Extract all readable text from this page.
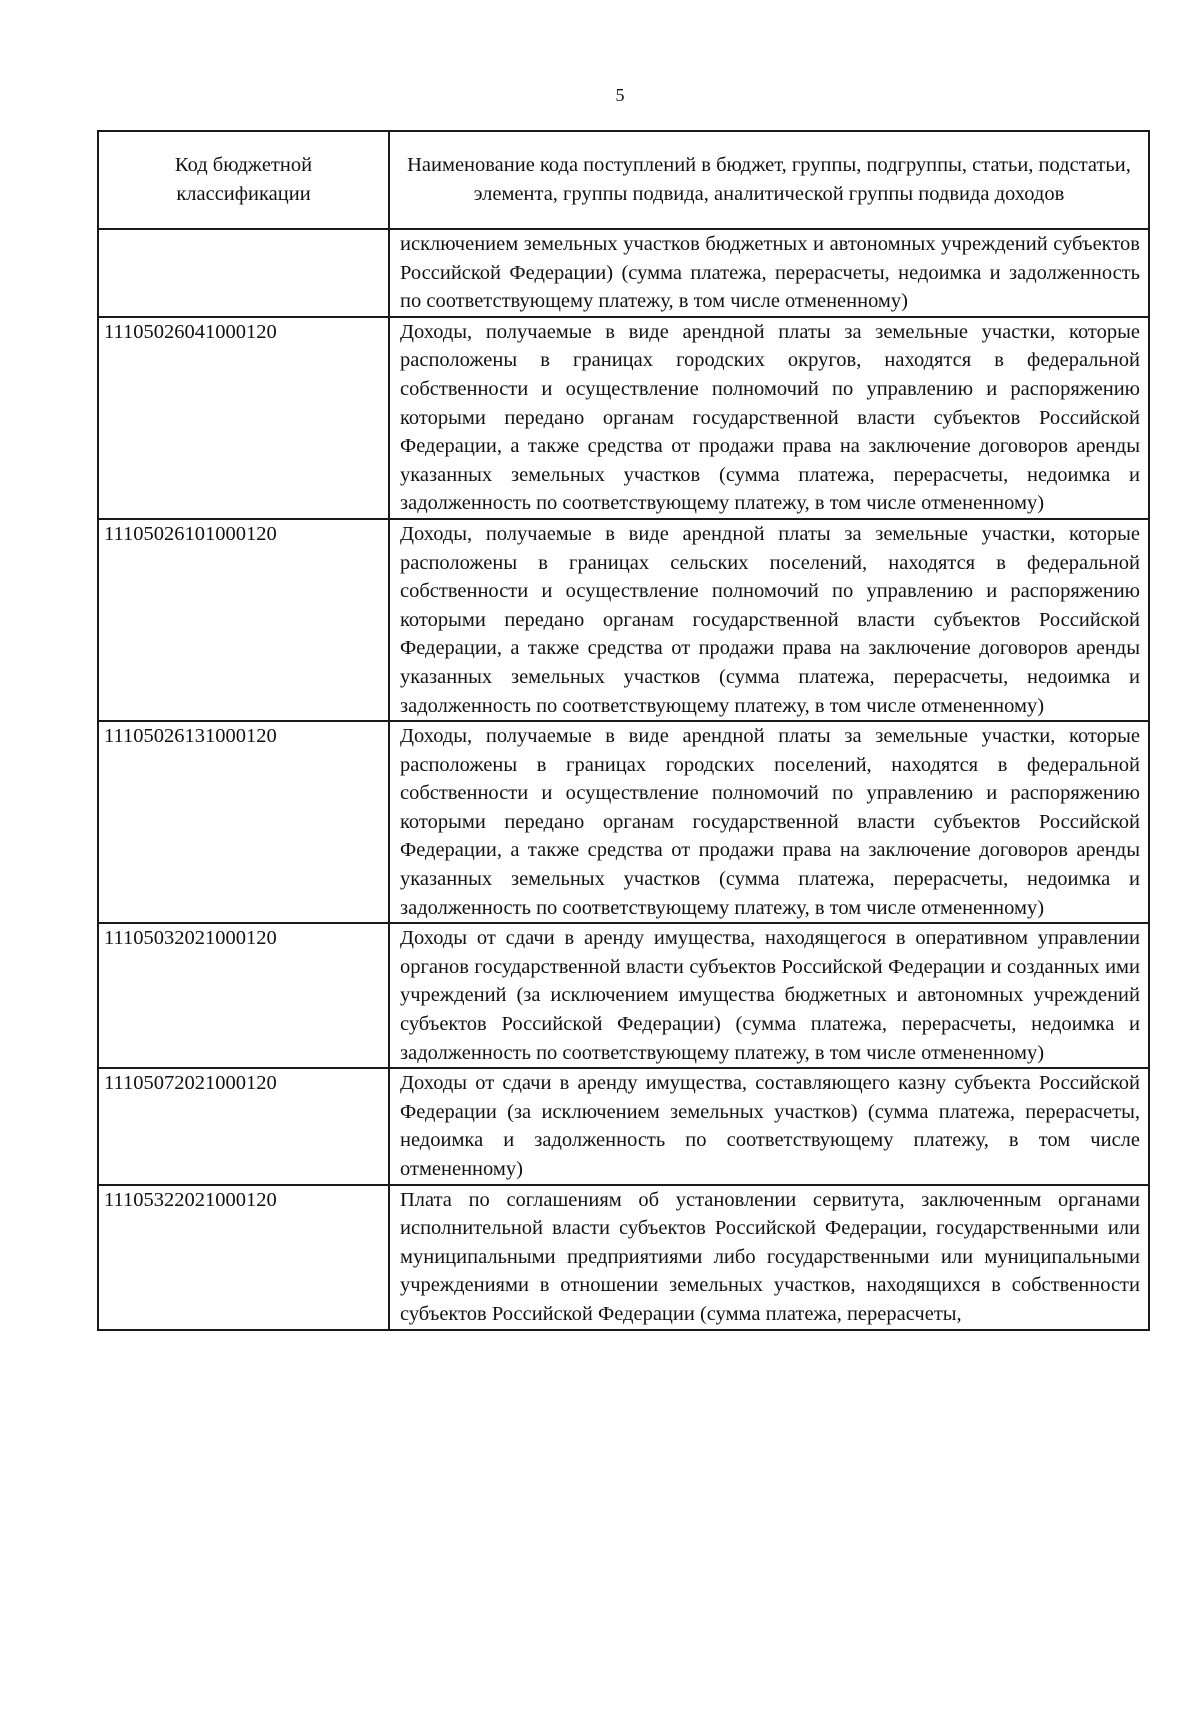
5
Код бюджетной классификации	Наименование кода поступлений в бюджет, группы, подгруппы, статьи, подстатьи, элемента, группы подвида, аналитической группы подвида доходов

	исключением земельных участков бюджетных и автономных учреждений субъектов Российской Федерации) (сумма платежа, перерасчеты, недоимка и задолженность по соответствующему платежу, в том числе отмененному)

11105026041000120	Доходы, получаемые в виде арендной платы за земельные участки, которые расположены в границах городских округов, находятся в федеральной собственности и осуществление полномочий по управлению и распоряжению которыми передано органам государственной власти субъектов Российской Федерации, а также средства от продажи права на заключение договоров аренды указанных земельных участков (сумма платежа, перерасчеты, недоимка и задолженность по соответствующему платежу, в том числе отмененному)

11105026101000120	Доходы, получаемые в виде арендной платы за земельные участки, которые расположены в границах сельских поселений, находятся в федеральной собственности и осуществление полномочий по управлению и распоряжению которыми передано органам государственной власти субъектов Российской Федерации, а также средства от продажи права на заключение договоров аренды указанных земельных участков (сумма платежа, перерасчеты, недоимка и задолженность по соответствующему платежу, в том числе отмененному)

11105026131000120	Доходы, получаемые в виде арендной платы за земельные участки, которые расположены в границах городских поселений, находятся в федеральной собственности и осуществление полномочий по управлению и распоряжению которыми передано органам государственной власти субъектов Российской Федерации, а также средства от продажи права на заключение договоров аренды указанных земельных участков (сумма платежа, перерасчеты, недоимка и задолженность по соответствующему платежу, в том числе отмененному)

11105032021000120	Доходы от сдачи в аренду имущества, находящегося в оперативном управлении органов государственной власти субъектов Российской Федерации и созданных ими учреждений (за исключением имущества бюджетных и автономных учреждений субъектов Российской Федерации) (сумма платежа, перерасчеты, недоимка и задолженность по соответствующему платежу, в том числе отмененному)

11105072021000120	Доходы от сдачи в аренду имущества, составляющего казну субъекта Российской Федерации (за исключением земельных участков) (сумма платежа, перерасчеты, недоимка и задолженность по соответствующему платежу, в том числе отмененному)

11105322021000120	Плата по соглашениям об установлении сервитута, заключенным органами исполнительной власти субъектов Российской Федерации, государственными или муниципальными предприятиями либо государственными или муниципальными учреждениями в отношении земельных участков, находящихся в собственности субъектов Российской Федерации (сумма платежа, перерасчеты,
